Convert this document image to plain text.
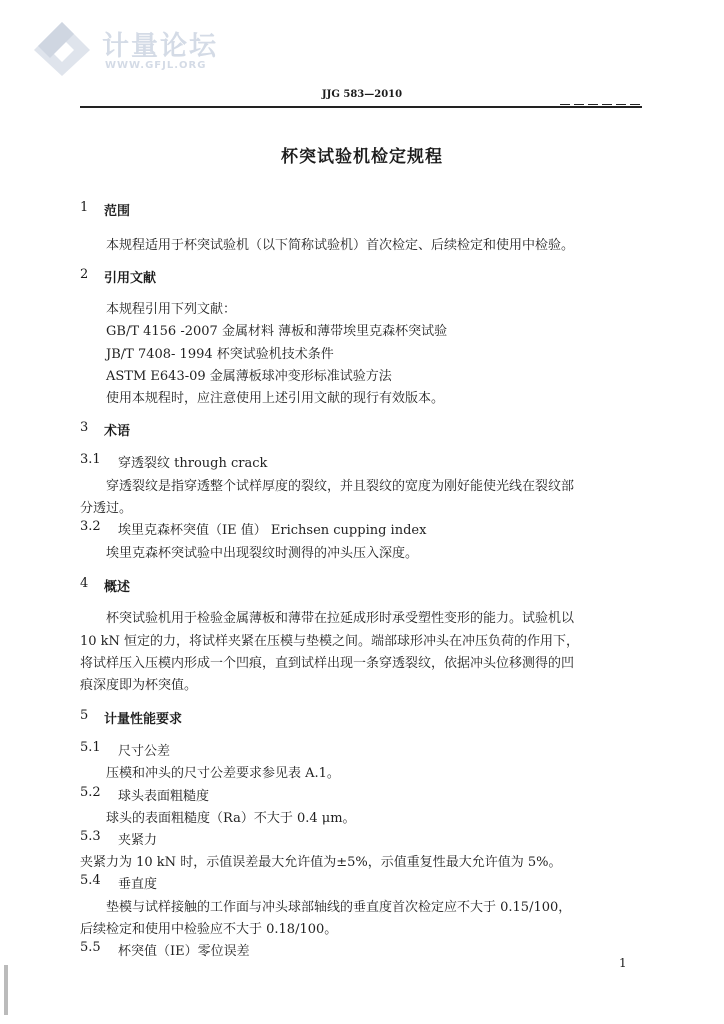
计量论坛
WWW.GFJL.ORG
JJG 583—2010
杯突试验机检定规程
1 范围
本规程适用于杯突试验机（以下简称试验机）首次检定、后续检定和使用中检验。
2 引用文献
本规程引用下列文献：
GB/T 4156 -2007 金属材料 薄板和薄带埃里克森杯突试验
JB/T 7408- 1994 杯突试验机技术条件
ASTM E643-09 金属薄板球冲变形标准试验方法
使用本规程时，应注意使用上述引用文献的现行有效版本。
3 术语
3.1 穿透裂纹 through crack
穿透裂纹是指穿透整个试样厚度的裂纹，并且裂纹的宽度为刚好能使光线在裂纹部
分透过。
3.2 埃里克森杯突值（IE 值） Erichsen cupping index
埃里克森杯突试验中出现裂纹时测得的冲头压入深度。
4 概述
杯突试验机用于检验金属薄板和薄带在拉延成形时承受塑性变形的能力。试验机以
10 kN 恒定的力，将试样夹紧在压模与垫模之间。端部球形冲头在冲压负荷的作用下，
将试样压入压模内形成一个凹痕，直到试样出现一条穿透裂纹，依据冲头位移测得的凹
痕深度即为杯突值。
5 计量性能要求
5.1 尺寸公差
压模和冲头的尺寸公差要求参见表 A.1。
5.2 球头表面粗糙度
球头的表面粗糙度（Ra）不大于 0.4 μm。
5.3 夹紧力
夹紧力为 10 kN 时，示值误差最大允许值为±5%，示值重复性最大允许值为 5%。
5.4 垂直度
垫模与试样接触的工作面与冲头球部轴线的垂直度首次检定应不大于 0.15/100，
后续检定和使用中检验应不大于 0.18/100。
5.5 杯突值（IE）零位误差
1
